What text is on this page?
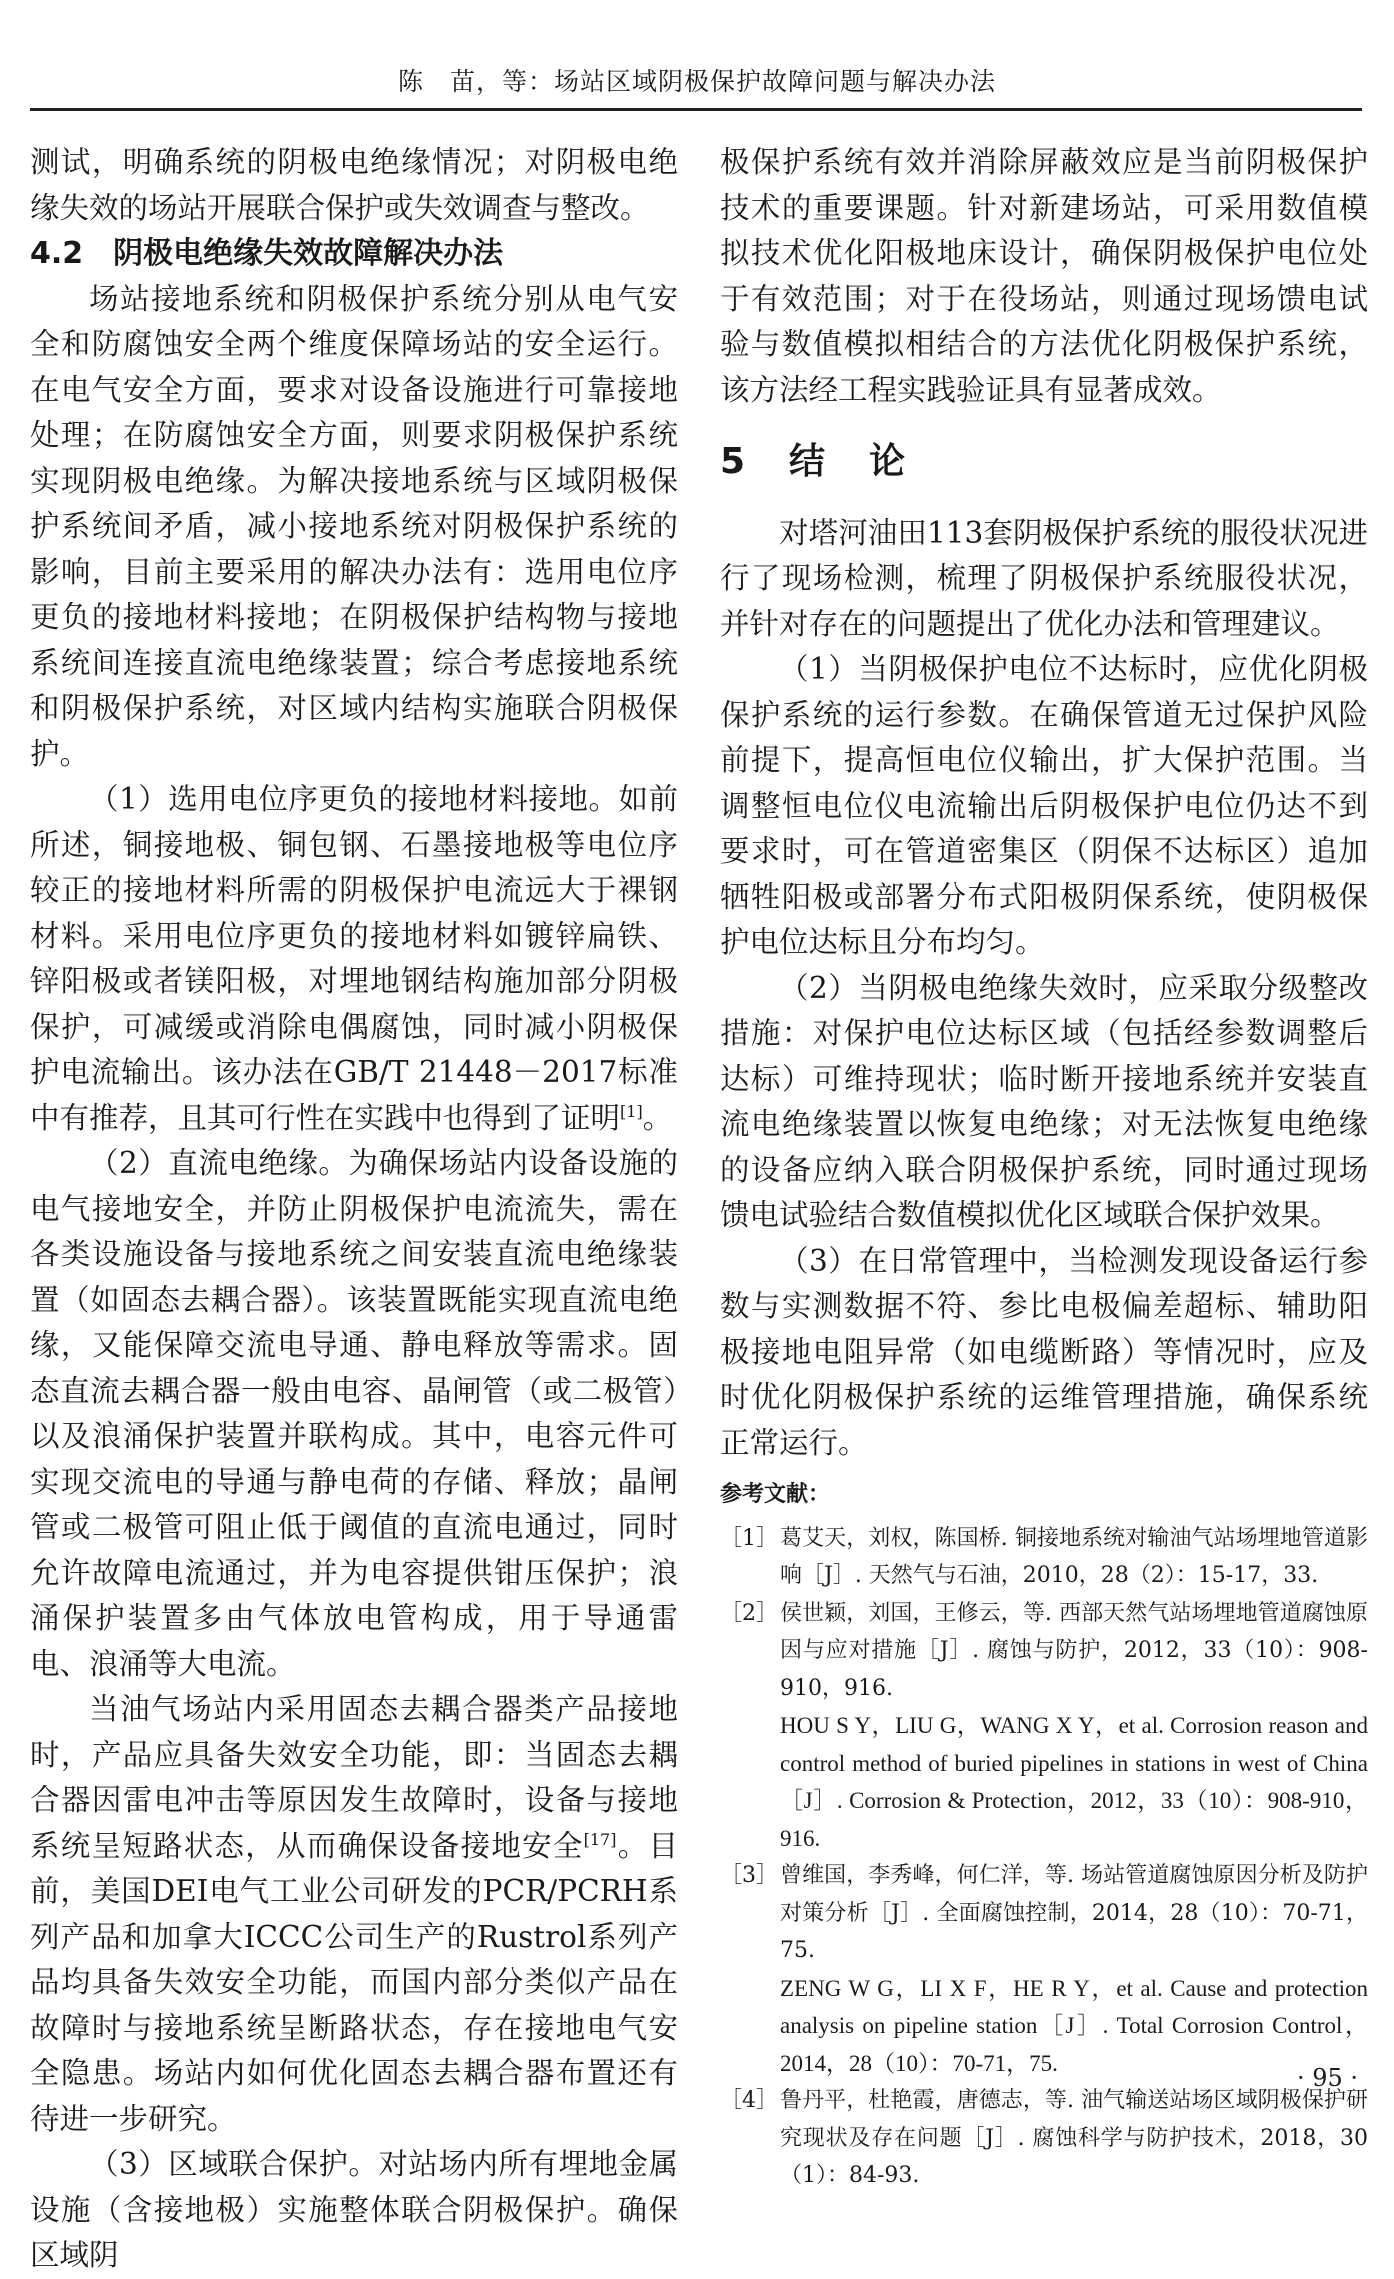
陈　苗，等：场站区域阴极保护故障问题与解决办法

测试，明确系统的阴极电绝缘情况；对阴极电绝缘失效的场站开展联合保护或失效调查与整改。

4.2　阴极电绝缘失效故障解决办法

场站接地系统和阴极保护系统分别从电气安全和防腐蚀安全两个维度保障场站的安全运行。在电气安全方面，要求对设备设施进行可靠接地处理；在防腐蚀安全方面，则要求阴极保护系统实现阴极电绝缘。为解决接地系统与区域阴极保护系统间矛盾，减小接地系统对阴极保护系统的影响，目前主要采用的解决办法有：选用电位序更负的接地材料接地；在阴极保护结构物与接地系统间连接直流电绝缘装置；综合考虑接地系统和阴极保护系统，对区域内结构实施联合阴极保护。

（1）选用电位序更负的接地材料接地。如前所述，铜接地极、铜包钢、石墨接地极等电位序较正的接地材料所需的阴极保护电流远大于裸钢材料。采用电位序更负的接地材料如镀锌扁铁、锌阳极或者镁阳极，对埋地钢结构施加部分阴极保护，可减缓或消除电偶腐蚀，同时减小阴极保护电流输出。该办法在GB/T 21448－2017标准中有推荐，且其可行性在实践中也得到了证明[1]。

（2）直流电绝缘。为确保场站内设备设施的电气接地安全，并防止阴极保护电流流失，需在各类设施设备与接地系统之间安装直流电绝缘装置（如固态去耦合器）。该装置既能实现直流电绝缘，又能保障交流电导通、静电释放等需求。固态直流去耦合器一般由电容、晶闸管（或二极管）以及浪涌保护装置并联构成。其中，电容元件可实现交流电的导通与静电荷的存储、释放；晶闸管或二极管可阻止低于阈值的直流电通过，同时允许故障电流通过，并为电容提供钳压保护；浪涌保护装置多由气体放电管构成，用于导通雷电、浪涌等大电流。

当油气场站内采用固态去耦合器类产品接地时，产品应具备失效安全功能，即：当固态去耦合器因雷电冲击等原因发生故障时，设备与接地系统呈短路状态，从而确保设备接地安全[17]。目前，美国DEI电气工业公司研发的PCR/PCRH系列产品和加拿大ICCC公司生产的Rustrol系列产品均具备失效安全功能，而国内部分类似产品在故障时与接地系统呈断路状态，存在接地电气安全隐患。场站内如何优化固态去耦合器布置还有待进一步研究。

（3）区域联合保护。对站场内所有埋地金属设施（含接地极）实施整体联合阴极保护。确保区域阴

极保护系统有效并消除屏蔽效应是当前阴极保护技术的重要课题。针对新建场站，可采用数值模拟技术优化阳极地床设计，确保阴极保护电位处于有效范围；对于在役场站，则通过现场馈电试验与数值模拟相结合的方法优化阴极保护系统，该方法经工程实践验证具有显著成效。

5　结　论

对塔河油田113套阴极保护系统的服役状况进行了现场检测，梳理了阴极保护系统服役状况，并针对存在的问题提出了优化办法和管理建议。

（1）当阴极保护电位不达标时，应优化阴极保护系统的运行参数。在确保管道无过保护风险前提下，提高恒电位仪输出，扩大保护范围。当调整恒电位仪电流输出后阴极保护电位仍达不到要求时，可在管道密集区（阴保不达标区）追加牺牲阳极或部署分布式阳极阴保系统，使阴极保护电位达标且分布均匀。

（2）当阴极电绝缘失效时，应采取分级整改措施：对保护电位达标区域（包括经参数调整后达标）可维持现状；临时断开接地系统并安装直流电绝缘装置以恢复电绝缘；对无法恢复电绝缘的设备应纳入联合阴极保护系统，同时通过现场馈电试验结合数值模拟优化区域联合保护效果。

（3）在日常管理中，当检测发现设备运行参数与实测数据不符、参比电极偏差超标、辅助阳极接地电阻异常（如电缆断路）等情况时，应及时优化阴极保护系统的运维管理措施，确保系统正常运行。

参考文献：
［1］ 葛艾天，刘权，陈国桥. 铜接地系统对输油气站场埋地管道影响［J］. 天然气与石油，2010，28（2）：15-17，33.
［2］ 侯世颖，刘国，王修云，等. 西部天然气站场埋地管道腐蚀原因与应对措施［J］. 腐蚀与防护，2012，33（10）：908-910，916.
HOU S Y，LIU G，WANG X Y，et al. Corrosion reason and control method of buried pipelines in stations in west of China［J］. Corrosion & Protection，2012，33（10）：908-910，916.
［3］ 曾维国，李秀峰，何仁洋，等. 场站管道腐蚀原因分析及防护对策分析［J］. 全面腐蚀控制，2014，28（10）：70-71，75.
ZENG W G，LI X F，HE R Y，et al. Cause and protection analysis on pipeline station［J］. Total Corrosion Control，2014，28（10）：70-71，75.
［4］ 鲁丹平，杜艳霞，唐德志，等. 油气输送站场区域阴极保护研究现状及存在问题［J］. 腐蚀科学与防护技术，2018，30（1）：84-93.
· 95 ·
